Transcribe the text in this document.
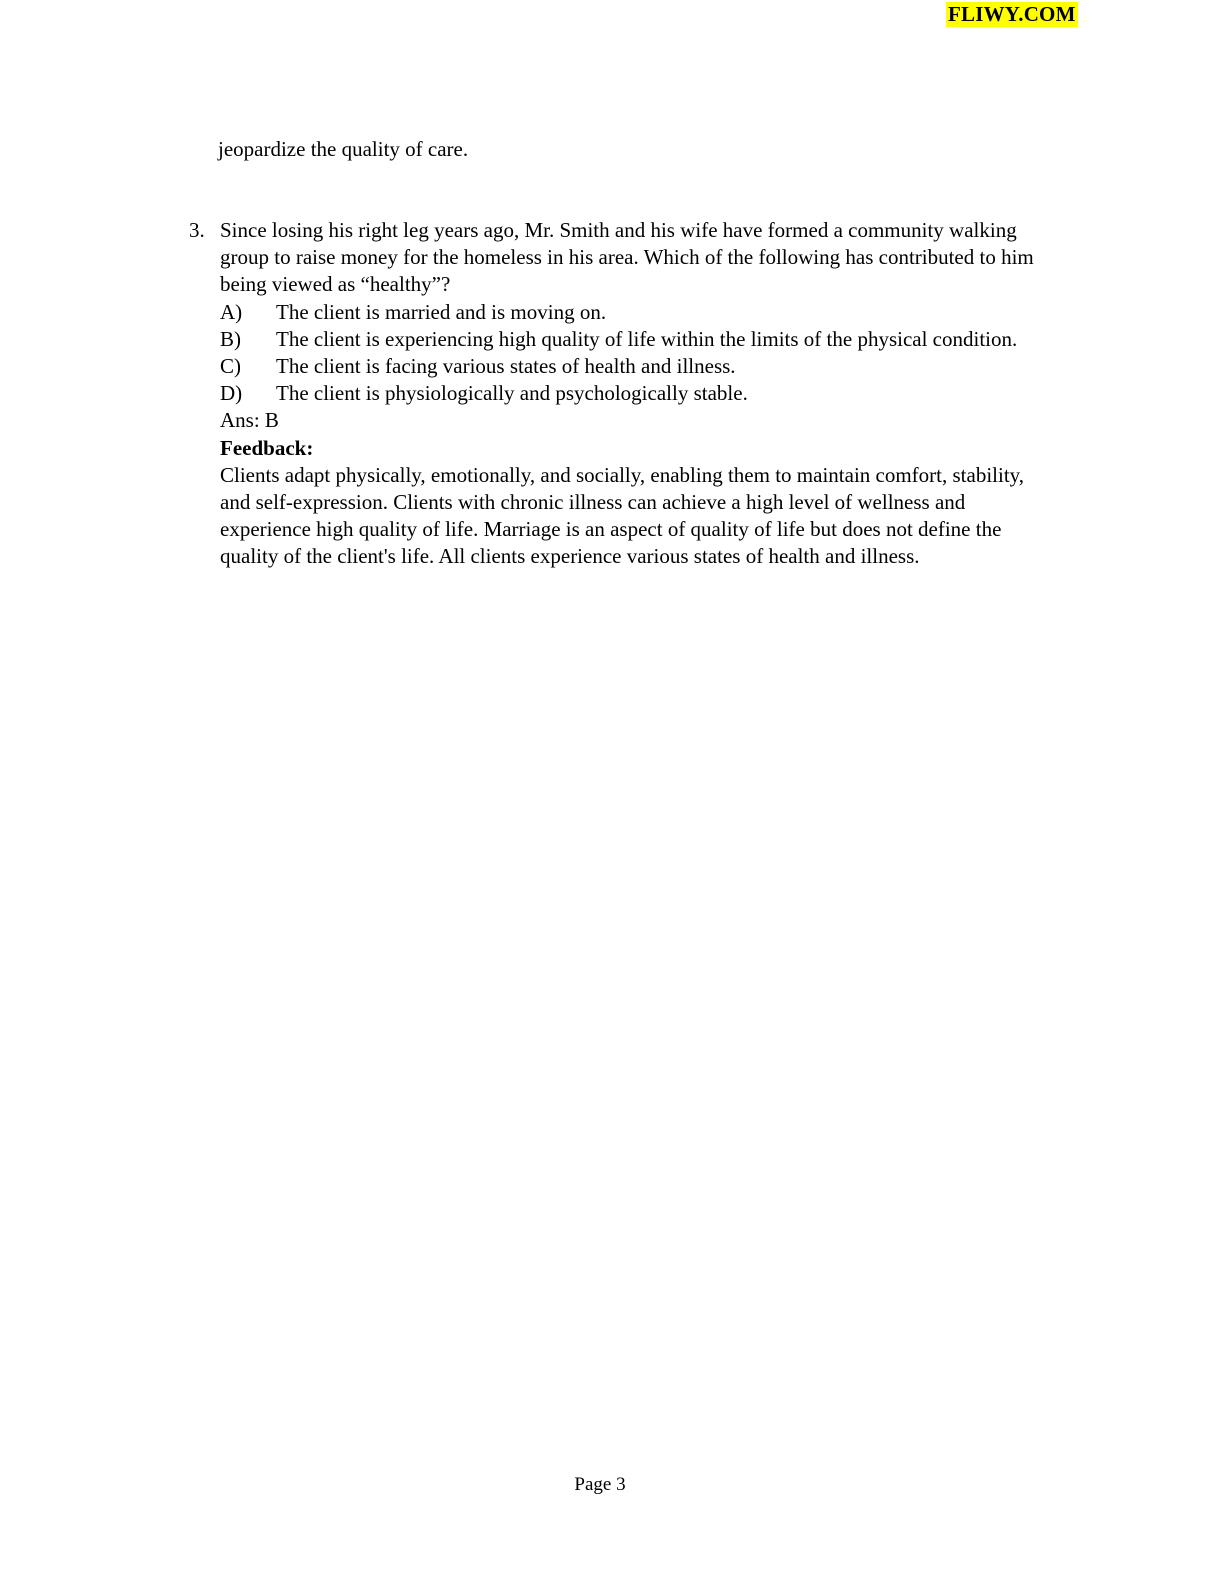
FLIWY.COM
jeopardize the quality of care.
3. Since losing his right leg years ago, Mr. Smith and his wife have formed a community walking group to raise money for the homeless in his area. Which of the following has contributed to him being viewed as “healthy”?

A) The client is married and is moving on.
B) The client is experiencing high quality of life within the limits of the physical condition.
C) The client is facing various states of health and illness.
D) The client is physiologically and psychologically stable.

Ans: B

Feedback:

Clients adapt physically, emotionally, and socially, enabling them to maintain comfort, stability, and self-expression. Clients with chronic illness can achieve a high level of wellness and experience high quality of life. Marriage is an aspect of quality of life but does not define the quality of the client's life. All clients experience various states of health and illness.

Page 3
